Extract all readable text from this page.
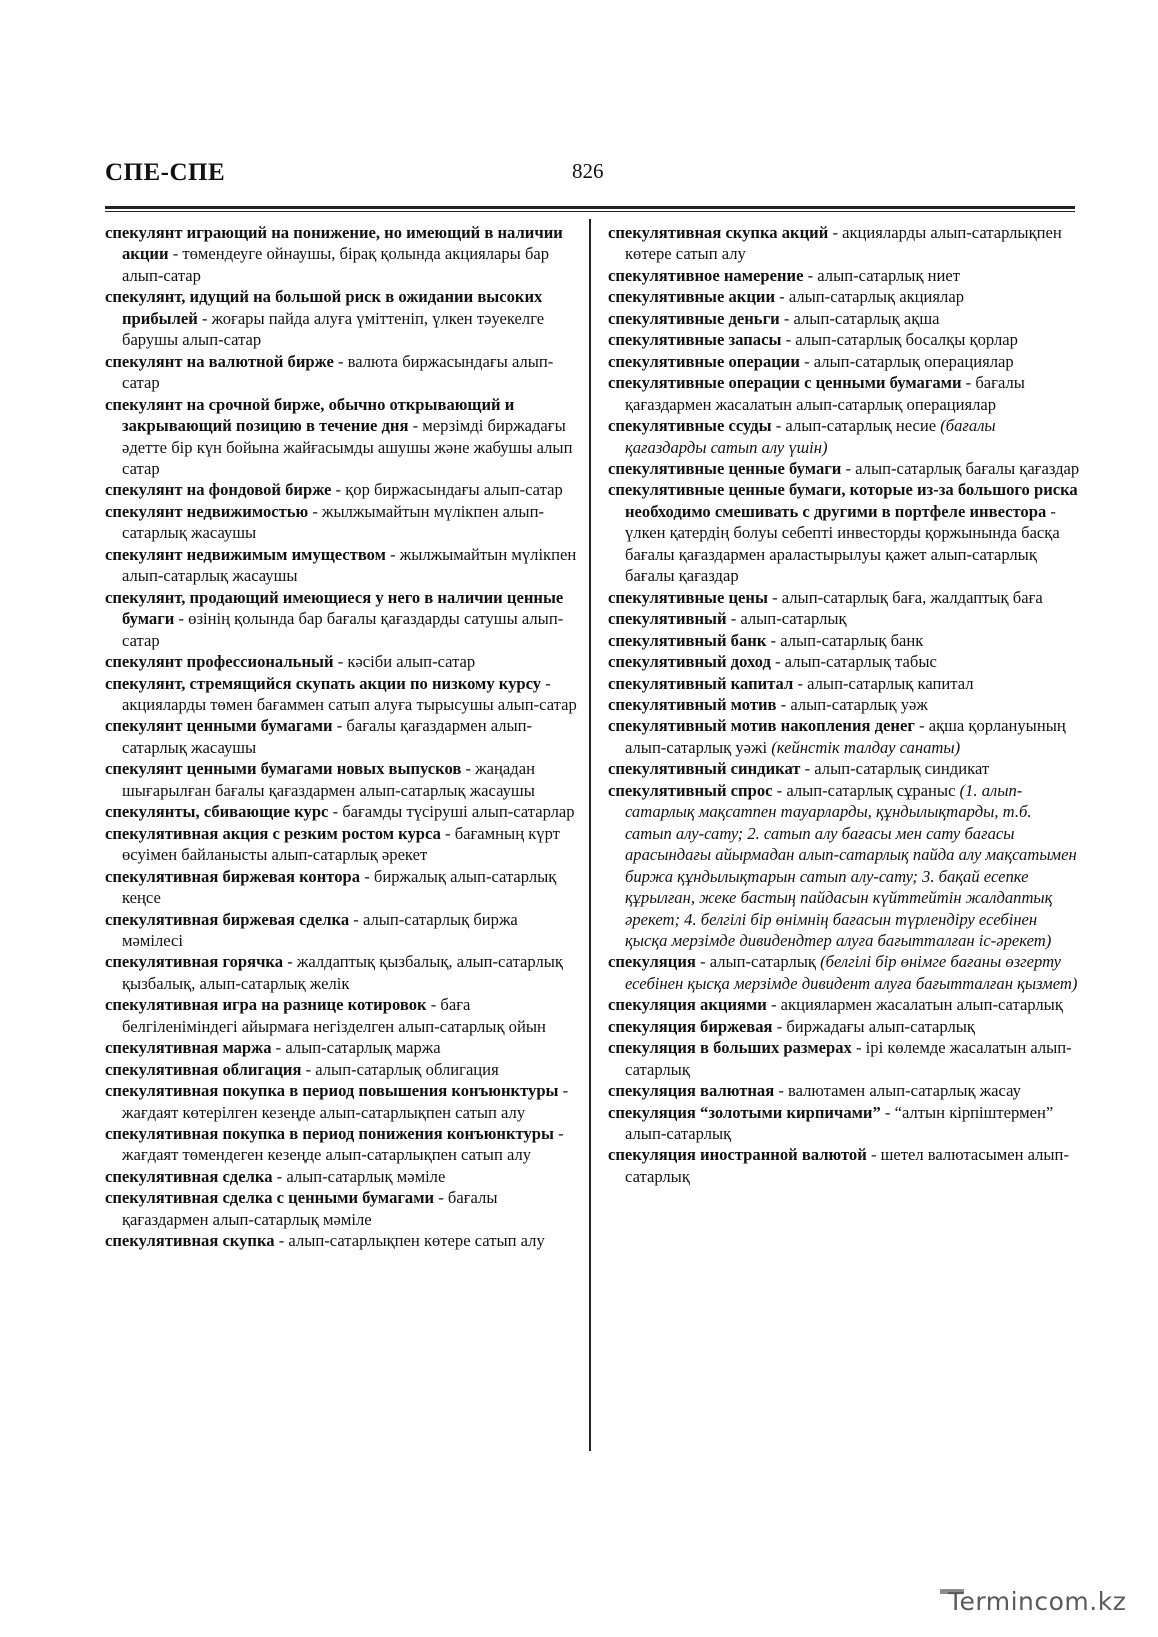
СПЕ-СПЕ	826

спекулянт играющий на понижение, но имеющий в наличии акции - төмендеуге ойнаушы, бірақ қолында акциялары бар алып-сатар

спекулянт, идущий на большой риск в ожидании высоких прибылей - жоғары пайда алуға үміттеніп, үлкен тәуекелге барушы алып-сатар

спекулянт на валютной бирже - валюта биржасындағы алып-сатар

спекулянт на срочной бирже, обычно открывающий и закрывающий позицию в течение дня - мерзімді биржадағы әдетте бір күн бойына жайғасымды ашушы және жабушы алып сатар

спекулянт на фондовой бирже - қор биржасындағы алып-сатар

спекулянт недвижимостью - жылжымайтын мүлікпен алып-сатарлық жасаушы

спекулянт недвижимым имуществом - жылжымайтын мүлікпен алып-сатарлық жасаушы

спекулянт, продающий имеющиеся у него в наличии ценные бумаги - өзінің қолында бар бағалы қағаздарды сатушы алып-сатар

спекулянт профессиональный - кәсіби алып-сатар

спекулянт, стремящийся скупать акции по низкому курсу - акцияларды төмен бағаммен сатып алуға тырысушы алып-сатар

спекулянт ценными бумагами - бағалы қағаздармен алып-сатарлық жасаушы

спекулянт ценными бумагами новых выпусков - жаңадан шығарылған бағалы қағаздармен алып-сатарлық жасаушы

спекулянты, сбивающие курс - бағамды түсіруші алып-сатарлар

спекулятивная акция с резким ростом курса - бағамның күрт өсуімен байланысты алып-сатарлық әрекет

спекулятивная биржевая контора - биржалық алып-сатарлық кеңсе

спекулятивная биржевая сделка - алып-сатарлық биржа мәмілесі

спекулятивная горячка - жалдаптық қызбалық, алып-сатарлық қызбалық, алып-сатарлық желік

спекулятивная игра на разнице котировок - баға белгіленіміндегі айырмаға негізделген алып-сатарлық ойын

спекулятивная маржа - алып-сатарлық маржа

спекулятивная облигация - алып-сатарлық облигация

спекулятивная покупка в период повышения конъюнктуры - жағдаят көтерілген кезеңде алып-сатарлықпен сатып алу

спекулятивная покупка в период понижения конъюнктуры - жағдаят төмендеген кезеңде алып-сатарлықпен сатып алу

спекулятивная сделка - алып-сатарлық мәміле

спекулятивная сделка с ценными бумагами - бағалы қағаздармен алып-сатарлық мәміле

спекулятивная скупка - алып-сатарлықпен көтере сатып алу

спекулятивная скупка акций - акцияларды алып-сатарлықпен көтере сатып алу

спекулятивное намерение - алып-сатарлық ниет

спекулятивные акции - алып-сатарлық акциялар

спекулятивные деньги - алып-сатарлық ақша

спекулятивные запасы - алып-сатарлық босалқы қорлар

спекулятивные операции - алып-сатарлық операциялар

спекулятивные операции с ценными бумагами - бағалы қағаздармен жасалатын алып-сатарлық операциялар

спекулятивные ссуды - алып-сатарлық несие (бағалы қағаздарды сатып алу үшін)

спекулятивные ценные бумаги - алып-сатарлық бағалы қағаздар

спекулятивные ценные бумаги, которые из-за большого риска необходимо смешивать с другими в портфеле инвестора - үлкен қатердің болуы себепті инвесторды қоржынында басқа бағалы қағаздармен араластырылуы қажет алып-сатарлық бағалы қағаздар

спекулятивные цены - алып-сатарлық баға, жалдаптық баға

спекулятивный - алып-сатарлық

спекулятивный банк - алып-сатарлық банк

спекулятивный доход - алып-сатарлық табыс

спекулятивный капитал - алып-сатарлық капитал

спекулятивный мотив - алып-сатарлық уәж

спекулятивный мотив накопления денег - ақша қорлануының алып-сатарлық уәжі (кейнстік талдау санаты)

спекулятивный синдикат - алып-сатарлық синдикат

спекулятивный спрос - алып-сатарлық сұраныс (1. алып-сатарлық мақсатпен тауарларды, құндылықтарды, т.б. сатып алу-сату; 2. сатып алу бағасы мен сату бағасы арасындағы айырмадан алып-сатарлық пайда алу мақсатымен биржа құндылықтарын сатып алу-сату; 3. бақай есепке құрылған, жеке бастың пайдасын күйттейтін жалдаптық әрекет; 4. белгілі бір өнімнің бағасын түрлендіру есебінен қысқа мерзімде дивидендтер алуға бағытталған іс-әрекет)

спекуляция - алып-сатарлық (белгілі бір өнімге бағаны өзгерту есебінен қысқа мерзімде дивидент алуға бағытталған қызмет)

спекуляция акциями - акциялармен жасалатын алып-сатарлық

спекуляция биржевая - биржадағы алып-сатарлық

спекуляция в больших размерах - ірі көлемде жасалатын алып-сатарлық

спекуляция валютная - валютамен алып-сатарлық жасау

спекуляция “золотыми кирпичами” - “алтын кірпіштермен” алып-сатарлық

спекуляция иностранной валютой - шетел валютасымен алып-сатарлық

Termincom.kz
